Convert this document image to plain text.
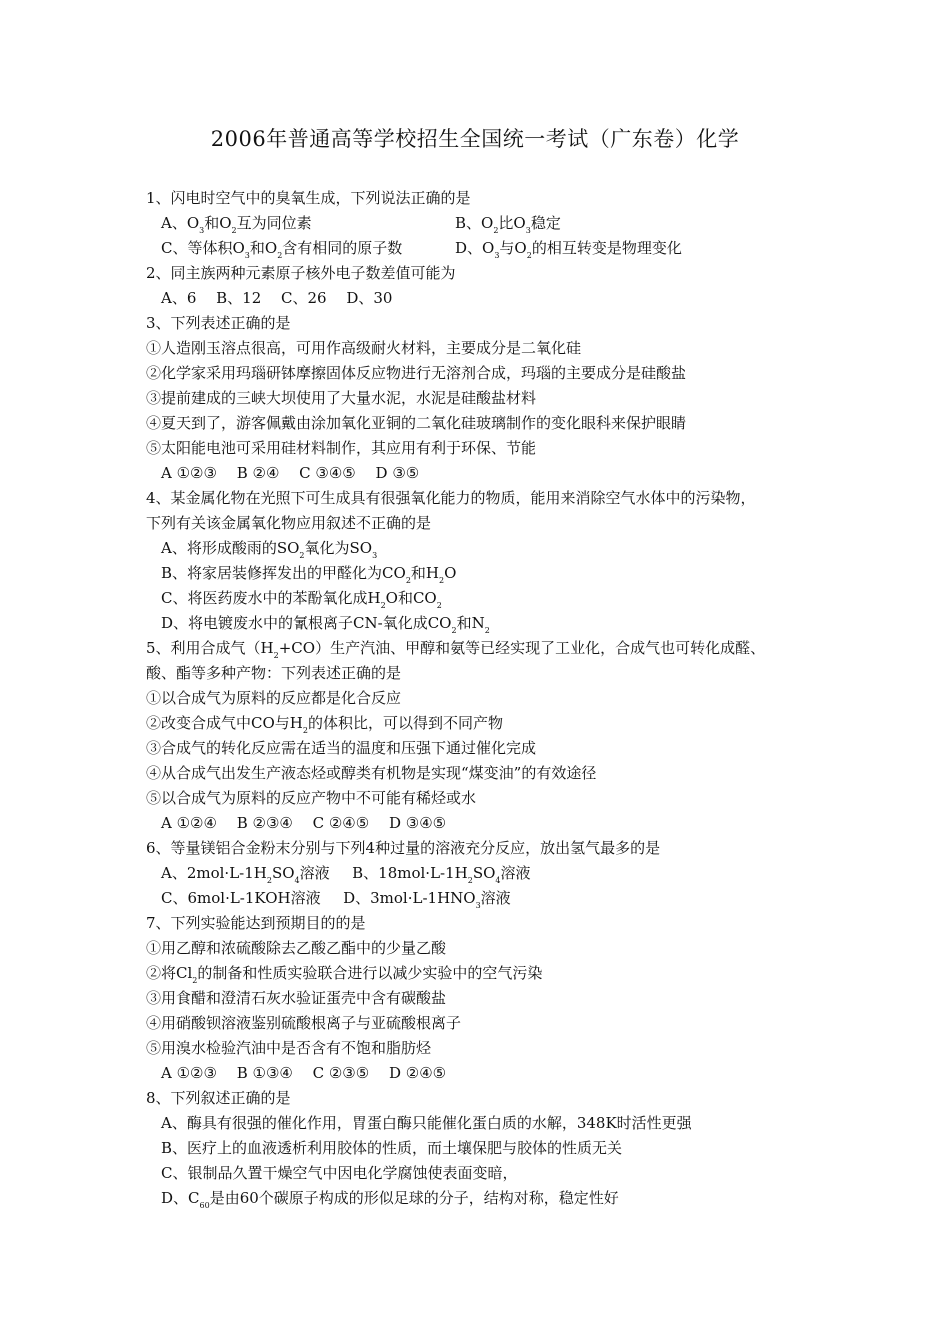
2006年普通高等学校招生全国统一考试（广东卷）化学
1、闪电时空气中的臭氧生成，下列说法正确的是
A、$O_3$和$O_2$互为同位素	B、$O_2$比$O_3$稳定
C、等体积$O_3$和$O_2$含有相同的原子数	D、$O_3$与$O_2$的相互转变是物理变化
2、同主族两种元素原子核外电子数差值可能为
A、6　 B、12　 C、26　 D、30
3、下列表述正确的是
①人造刚玉溶点很高，可用作高级耐火材料，主要成分是二氧化硅
②化学家采用玛瑙研钵摩擦固体反应物进行无溶剂合成，玛瑙的主要成分是硅酸盐
③提前建成的三峡大坝使用了大量水泥，水泥是硅酸盐材料
④夏天到了，游客佩戴由涂加氧化亚铜的二氧化硅玻璃制作的变化眼科来保护眼睛
⑤太阳能电池可采用硅材料制作，其应用有利于环保、节能
A ①②③　 B ②④　 C ③④⑤　 D ③⑤
4、某金属化物在光照下可生成具有很强氧化能力的物质，能用来消除空气水体中的污染物，
下列有关该金属氧化物应用叙述不正确的是
A、将形成酸雨的$SO_2$氧化为$SO_3$
B、将家居装修挥发出的甲醛化为$CO_2$和$H_2O$
C、将医药废水中的苯酚氧化成$H_2O$和$CO_2$
D、将电镀废水中的氰根离子CN-氧化成$CO_2$和$N_2$
5、利用合成气$(H_2+CO)$生产汽油、甲醇和氨等已经实现了工业化，合成气也可转化成醛、
酸、酯等多种产物：下列表述正确的是
①以合成气为原料的反应都是化合反应
②改变合成气中CO与$H_2$的体积比，可以得到不同产物
③合成气的转化反应需在适当的温度和压强下通过催化完成
④从合成气出发生产液态烃或醇类有机物是实现“煤变油”的有效途径
⑤以合成气为原料的反应产物中不可能有稀烃或水
A ①②④　 B ②③④　 C ②④⑤　 D ③④⑤
6、等量镁铝合金粉末分别与下列4种过量的溶液充分反应，放出氢气最多的是
A、$2mol\cdot L-1H_2SO_4$溶液   B、$18mol\cdot L-1H_2SO_4$溶液
C、6mol·L-1KOH溶液   D、$3mol\cdot L-1HNO_3$溶液
7、下列实验能达到预期目的的是
①用乙醇和浓硫酸除去乙酸乙酯中的少量乙酸
②将$Cl_2$的制备和性质实验联合进行以减少实验中的空气污染
③用食醋和澄清石灰水验证蛋壳中含有碳酸盐
④用硝酸钡溶液鉴别硫酸根离子与亚硫酸根离子
⑤用溴水检验汽油中是否含有不饱和脂肪烃
A ①②③　 B ①③④　 C ②③⑤　 D ②④⑤
8、下列叙述正确的是
A、酶具有很强的催化作用，胃蛋白酶只能催化蛋白质的水解，348K时活性更强
B、医疗上的血液透析利用胶体的性质，而土壤保肥与胶体的性质无关
C、银制品久置干燥空气中因电化学腐蚀使表面变暗，
D、$C_{60}$是由60个碳原子构成的形似足球的分子，结构对称，稳定性好
